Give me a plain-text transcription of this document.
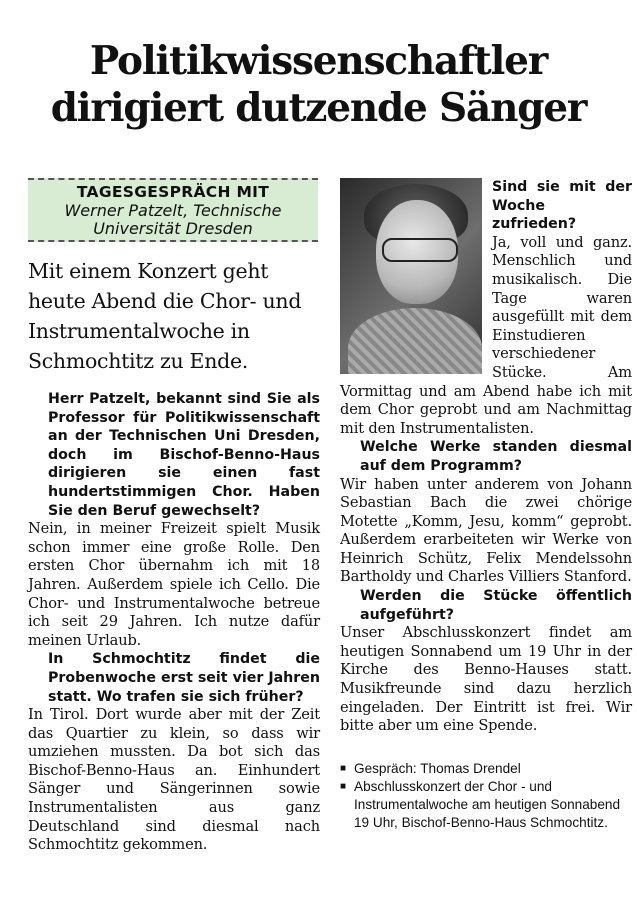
Politikwissenschaftler
dirigiert dutzende Sänger
TAGESGESPRÄCH MIT
Werner Patzelt, Technische
Universität Dresden
Mit einem Konzert geht heute Abend die Chor- und Instrumentalwoche in Schmochtitz zu Ende.
Herr Patzelt, bekannt sind Sie als Professor für Politikwissenschaft an der Technischen Uni Dresden, doch im Bischof-Benno-Haus dirigieren sie einen fast hundertstimmigen Chor. Haben Sie den Beruf gewechselt?
Nein, in meiner Freizeit spielt Musik schon immer eine große Rolle. Den ersten Chor übernahm ich mit 18 Jahren. Außerdem spiele ich Cello. Die Chor- und Instrumentalwoche betreue ich seit 29 Jahren. Ich nutze dafür meinen Urlaub.
In Schmochtitz findet die Probenwoche erst seit vier Jahren statt. Wo trafen sie sich früher?
In Tirol. Dort wurde aber mit der Zeit das Quartier zu klein, so dass wir umziehen mussten. Da bot sich das Bischof-Benno-Haus an. Einhundert Sänger und Sängerinnen sowie Instrumentalisten aus ganz Deutschland sind diesmal nach Schmochtitz gekommen.
Sind sie mit der Woche zufrieden?
Ja, voll und ganz. Menschlich und musikalisch. Die Tage waren ausgefüllt mit dem Einstudieren verschiedener Stücke. Am Vormittag und am Abend habe ich mit dem Chor geprobt und am Nachmittag mit den Instrumentalisten.
Welche Werke standen diesmal auf dem Programm?
Wir haben unter anderem von Johann Sebastian Bach die zwei chörige Motette „Komm, Jesu, komm“ geprobt. Außerdem erarbeiteten wir Werke von Heinrich Schütz, Felix Mendelssohn Bartholdy und Charles Villiers Stanford.
Werden die Stücke öffentlich aufgeführt?
Unser Abschlusskonzert findet am heutigen Sonnabend um 19 Uhr in der Kirche des Benno-Hauses statt. Musikfreunde sind dazu herzlich eingeladen. Der Eintritt ist frei. Wir bitte aber um eine Spende.
■ Gespräch: Thomas Drendel
■ Abschlusskonzert der Chor - und Instrumentalwoche am heutigen Sonnabend 19 Uhr, Bischof-Benno-Haus Schmochtitz.
